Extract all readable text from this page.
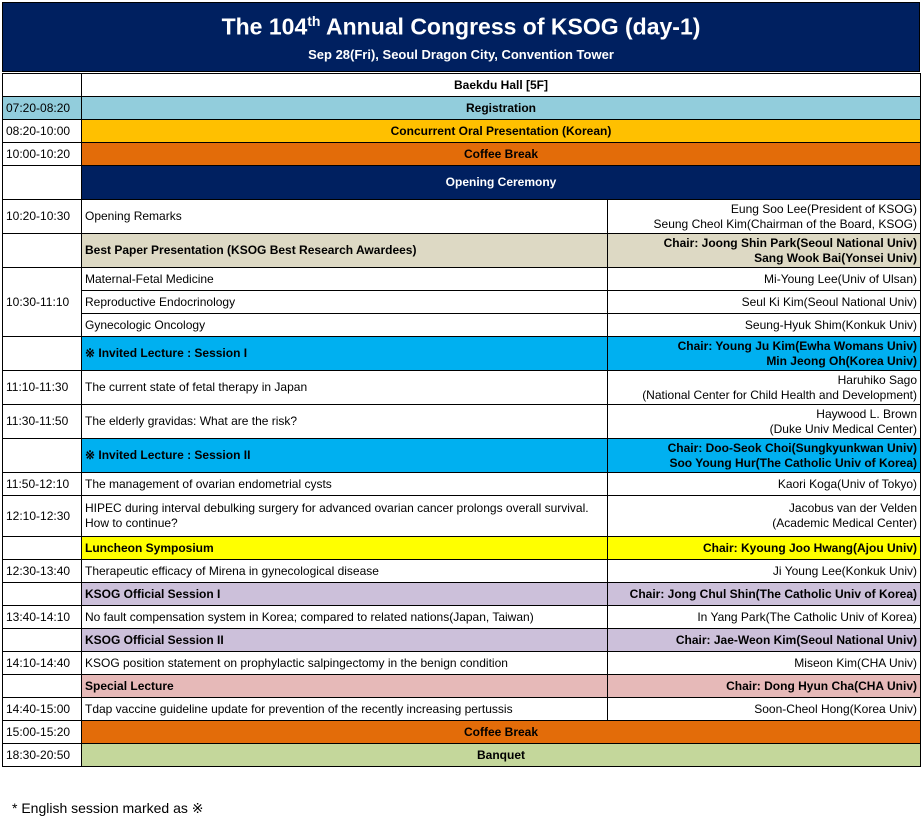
The 104th Annual Congress of KSOG (day-1)
Sep 28(Fri), Seoul Dragon City, Convention Tower
	Baekdu Hall [5F]	
07:20-08:20	Registration	
08:20-10:00	Concurrent Oral Presentation (Korean)	
10:00-10:20	Coffee Break	
	Opening Ceremony	
10:20-10:30	Opening Remarks	Eung Soo Lee(President of KSOG)
Seung Cheol Kim(Chairman of the Board, KSOG)

	Best Paper Presentation (KSOG Best Research Awardees)	Chair: Joong Shin Park(Seoul National Univ)
Sang Wook Bai(Yonsei Univ)

10:30-11:10	Maternal-Fetal Medicine	Mi-Young Lee(Univ of Ulsan)
	Reproductive Endocrinology	Seul Ki Kim(Seoul National Univ)
	Gynecologic Oncology	Seung-Hyuk Shim(Konkuk Univ)
	※ Invited Lecture : Session I	Chair: Young Ju Kim(Ewha Womans Univ)
Min Jeong Oh(Korea Univ)

11:10-11:30	The current state of fetal therapy in Japan	Haruhiko Sago
(National Center for Child Health and Development)

11:30-11:50	The elderly gravidas: What are the risk?	Haywood L. Brown
(Duke Univ Medical Center)

	※ Invited Lecture : Session II	Chair: Doo-Seok Choi(Sungkyunkwan Univ)
Soo Young Hur(The Catholic Univ of Korea)

11:50-12:10	The management of ovarian endometrial cysts	Kaori Koga(Univ of Tokyo)
12:10-12:30	HIPEC during interval debulking surgery for advanced ovarian cancer prolongs overall survival. How to continue?	Jacobus van der Velden
(Academic Medical Center)

	Luncheon Symposium	Chair: Kyoung Joo Hwang(Ajou Univ)
12:30-13:40	Therapeutic efficacy of Mirena in gynecological disease	Ji Young Lee(Konkuk Univ)
	KSOG Official Session I	Chair: Jong Chul Shin(The Catholic Univ of Korea)
13:40-14:10	No fault compensation system in Korea; compared to related nations(Japan, Taiwan)	In Yang Park(The Catholic Univ of Korea)
	KSOG Official Session II	Chair: Jae-Weon Kim(Seoul National Univ)
14:10-14:40	KSOG position statement on prophylactic salpingectomy in the benign condition	Miseon Kim(CHA Univ)
	Special Lecture	Chair: Dong Hyun Cha(CHA Univ)
14:40-15:00	Tdap vaccine guideline update for prevention of the recently increasing pertussis	Soon-Cheol Hong(Korea Univ)
15:00-15:20	Coffee Break	
18:30-20:50	Banquet	
* English session marked as ※
